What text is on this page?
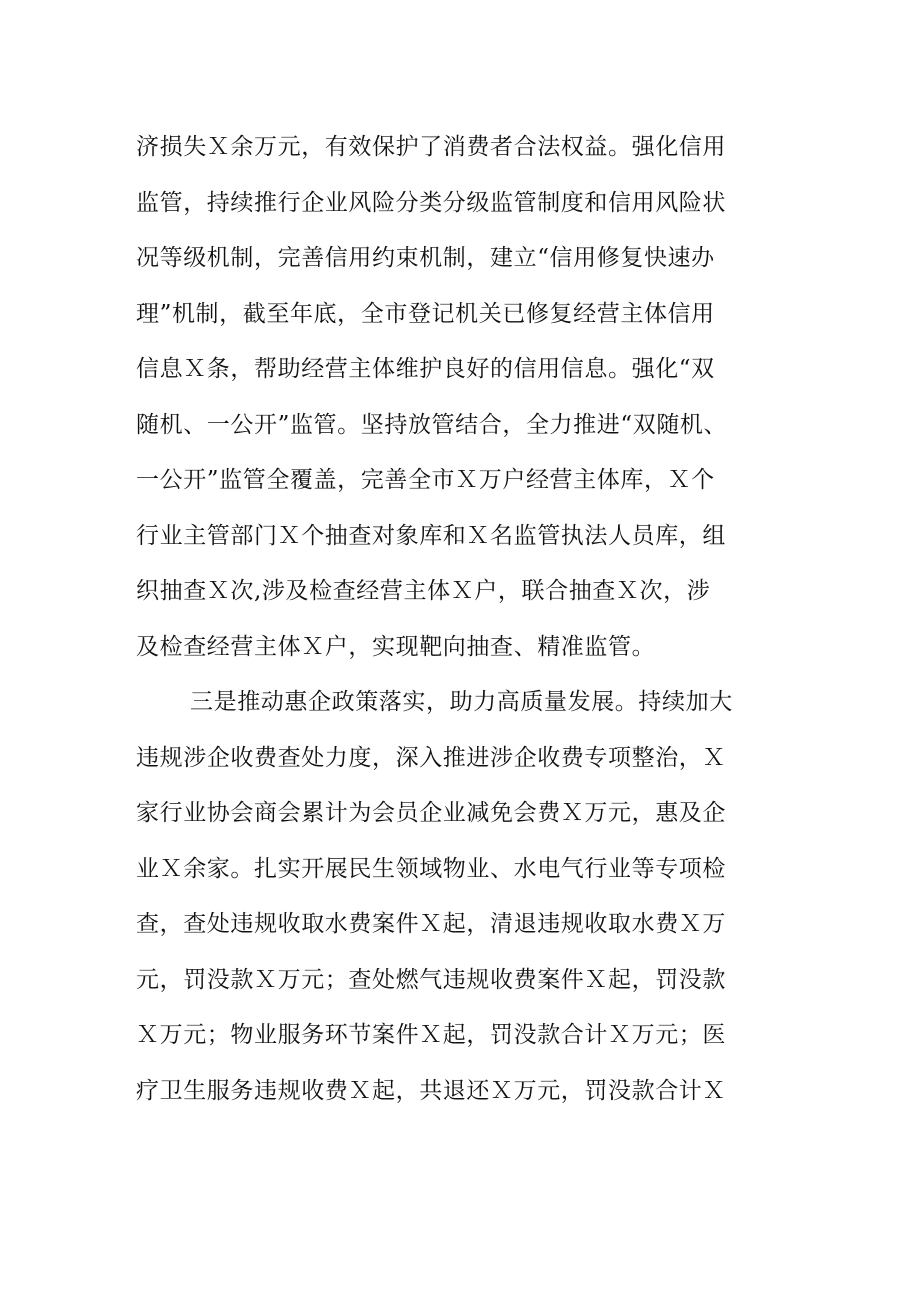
济损失Ｘ余万元，有效保护了消费者合法权益。强化信用
监管，持续推行企业风险分类分级监管制度和信用风险状
况等级机制，完善信用约束机制，建立“信用修复快速办
理”机制，截至年底，全市登记机关已修复经营主体信用
信息Ｘ条，帮助经营主体维护良好的信用信息。强化“双
随机、一公开”监管。坚持放管结合，全力推进“双随机、
一公开”监管全覆盖，完善全市Ｘ万户经营主体库，Ｘ个
行业主管部门Ｘ个抽查对象库和Ｘ名监管执法人员库，组
织抽查Ｘ次,涉及检查经营主体Ｘ户，联合抽查Ｘ次，涉
及检查经营主体Ｘ户，实现靶向抽查、精准监管。
三是推动惠企政策落实，助力高质量发展。持续加大
违规涉企收费查处力度，深入推进涉企收费专项整治，Ｘ
家行业协会商会累计为会员企业减免会费Ｘ万元，惠及企
业Ｘ余家。扎实开展民生领域物业、水电气行业等专项检
查，查处违规收取水费案件Ｘ起，清退违规收取水费Ｘ万
元，罚没款Ｘ万元；查处燃气违规收费案件Ｘ起，罚没款
Ｘ万元；物业服务环节案件Ｘ起，罚没款合计Ｘ万元；医
疗卫生服务违规收费Ｘ起，共退还Ｘ万元，罚没款合计Ｘ
